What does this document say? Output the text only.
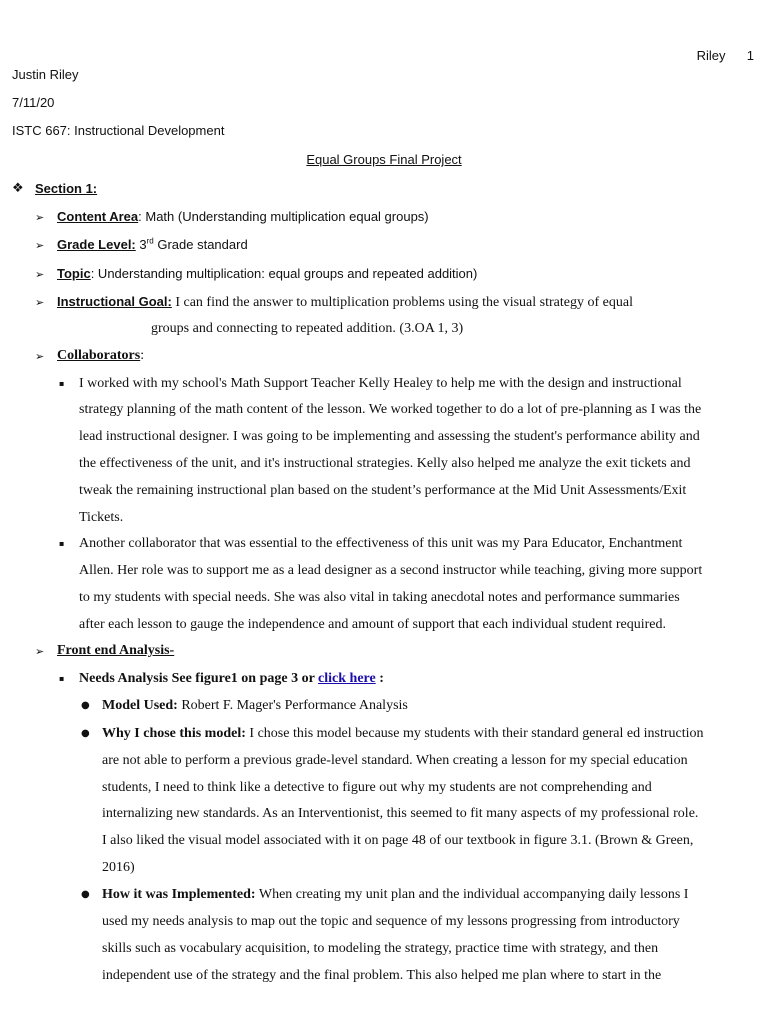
Riley 1
Justin Riley
7/11/20
ISTC 667: Instructional Development
Equal Groups Final Project
❖ Section 1:
➢ Content Area: Math (Understanding multiplication equal groups)
➢ Grade Level: 3rd Grade standard
➢ Topic: Understanding multiplication: equal groups and repeated addition)
➢ Instructional Goal: I can find the answer to multiplication problems using the visual strategy of equal
groups and connecting to repeated addition. (3.OA 1, 3)
➢ Collaborators:
▪ I worked with my school's Math Support Teacher Kelly Healey to help me with the design and instructional
strategy planning of the math content of the lesson. We worked together to do a lot of pre-planning as I was the
lead instructional designer. I was going to be implementing and assessing the student's performance ability and
the effectiveness of the unit, and it's instructional strategies. Kelly also helped me analyze the exit tickets and
tweak the remaining instructional plan based on the student’s performance at the Mid Unit Assessments/Exit
Tickets.
▪ Another collaborator that was essential to the effectiveness of this unit was my Para Educator, Enchantment
Allen. Her role was to support me as a lead designer as a second instructor while teaching, giving more support
to my students with special needs. She was also vital in taking anecdotal notes and performance summaries
after each lesson to gauge the independence and amount of support that each individual student required.
➢ Front end Analysis-
▪ Needs Analysis See figure1 on page 3 or click here :
● Model Used: Robert F. Mager's Performance Analysis
● Why I chose this model: I chose this model because my students with their standard general ed instruction
are not able to perform a previous grade-level standard. When creating a lesson for my special education
students, I need to think like a detective to figure out why my students are not comprehending and
internalizing new standards. As an Interventionist, this seemed to fit many aspects of my professional role.
I also liked the visual model associated with it on page 48 of our textbook in figure 3.1. (Brown & Green,
2016)
● How it was Implemented: When creating my unit plan and the individual accompanying daily lessons I
used my needs analysis to map out the topic and sequence of my lessons progressing from introductory
skills such as vocabulary acquisition, to modeling the strategy, practice time with strategy, and then
independent use of the strategy and the final problem. This also helped me plan where to start in the
